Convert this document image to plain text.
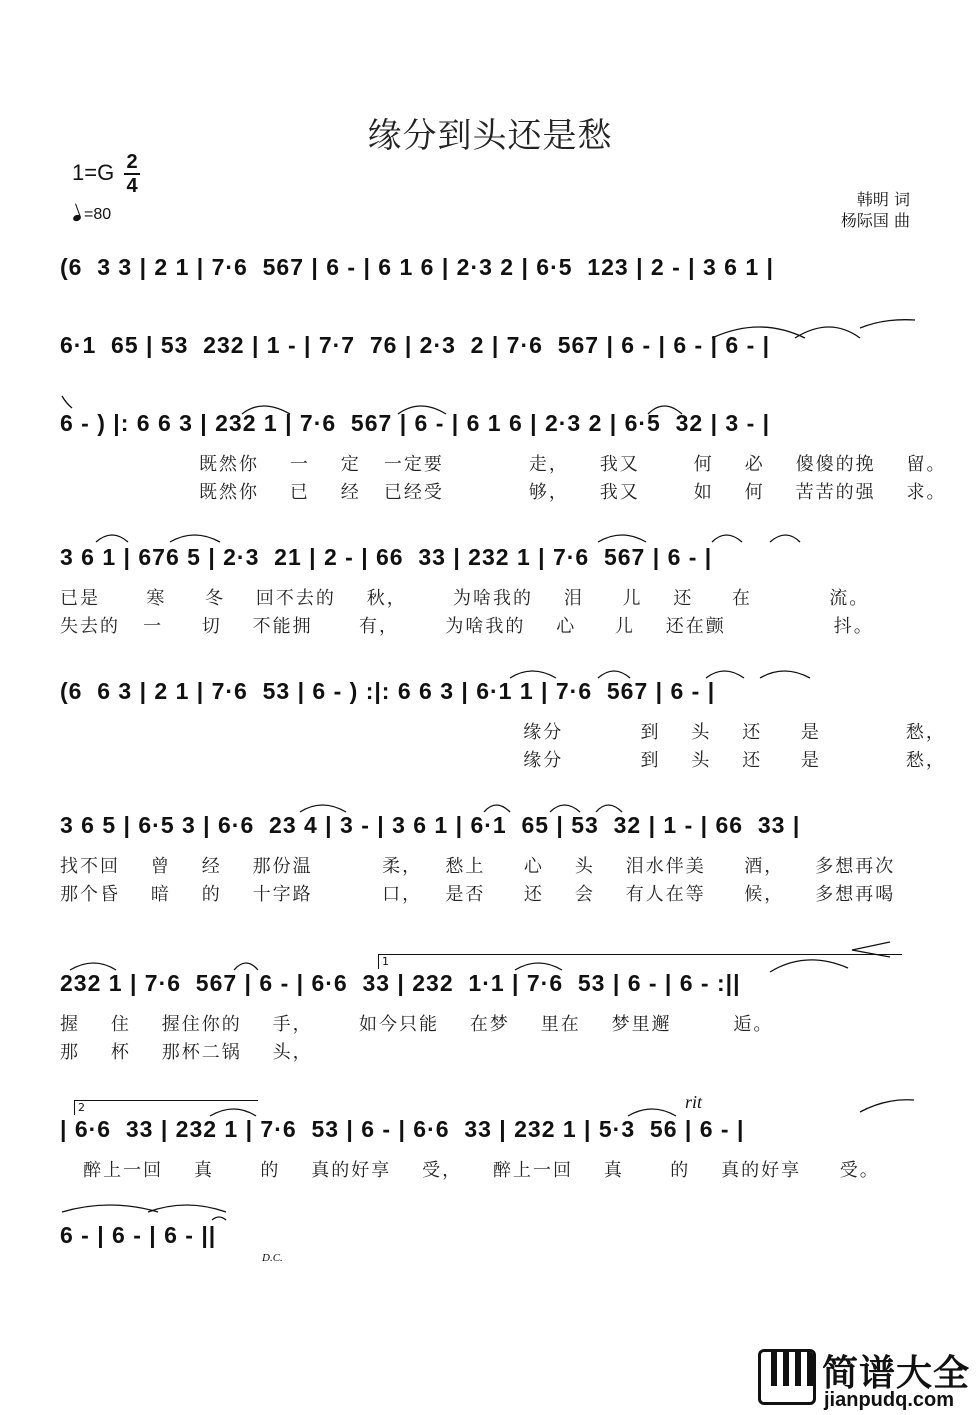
缘分到头还是愁
1=G 2
4
=80
韩明 词
杨际国 曲
(6  3 3 | 2 1 | 7·6  567 | 6 - | 6 1 6 | 2·3 2 | 6·5  123 | 2 - | 3 6 1 |
6·1  65 | 53  232 | 1 - | 7·7  76 | 2·3  2 | 7·6  567 | 6 - | 6 - | 6 - |
6 - ) |: 6 6 3 | 232 1 | 7·6  567 | 6 - | 6 1 6 | 2·3 2 | 6·5  32 | 3 - |
既然你    一    定   一定要           走，    我又       何    必    傻傻的挽    留。
既然你    已    经   已经受           够，    我又       如    何    苦苦的强    求。
3 6 1 | 676 5 | 2·3  21 | 2 - | 66  33 | 232 1 | 7·6  567 | 6 - |
已是      寒     冬    回不去的    秋，      为啥我的    泪     儿    还     在          流。
失去的   一     切    不能拥      有，      为啥我的    心     儿    还在颤              抖。
(6  6 3 | 2 1 | 7·6  53 | 6 - ) :|: 6 6 3 | 6·1 1 | 7·6  567 | 6 - |
缘分          到    头    还     是           愁，
缘分          到    头    还     是           愁，
3 6 5 | 6·5 3 | 6·6  23 4 | 3 - | 3 6 1 | 6·1  65 | 53  32 | 1 - | 66  33 |
找不回    曾    经    那份温         柔，   愁上     心    头    泪水伴美     酒，    多想再次
那个昏    暗    的    十字路         口，   是否     还    会    有人在等     候，    多想再喝
1
232 1 | 7·6  567 | 6 - | 6·6  33 | 232  1·1 | 7·6  53 | 6 - | 6 - :||
握    住    握住你的    手，      如今只能    在梦    里在    梦里邂        逅。
那    杯    那杯二锅    头，
2	rit
| 6·6  33 | 232 1 | 7·6  53 | 6 - | 6·6  33 | 232 1 | 5·3  56 | 6 - |
醉上一回    真      的    真的好享    受，    醉上一回    真      的    真的好享     受。
6 - | 6 - | 6 - ||
D.C.
简谱大全
jianpudq.com
